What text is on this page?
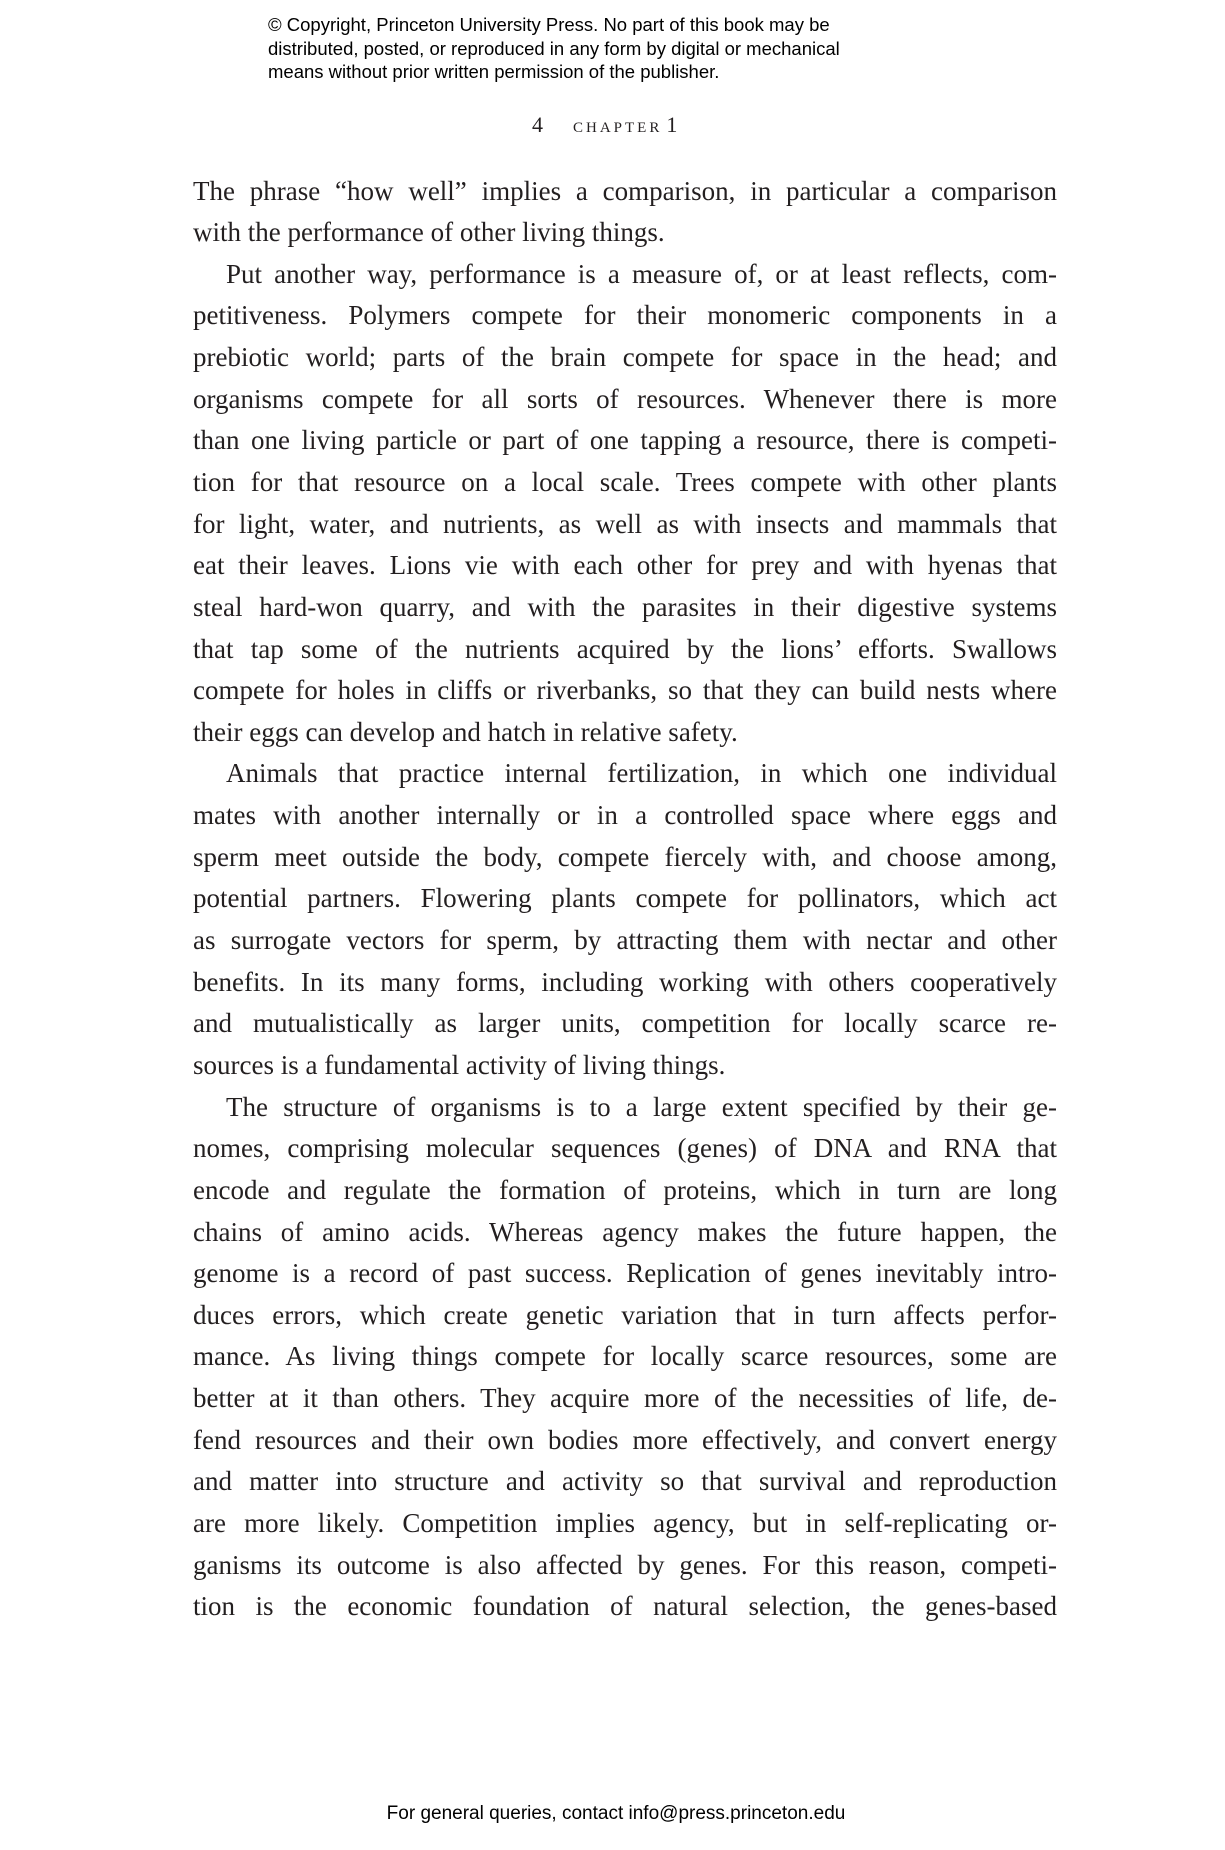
© Copyright, Princeton University Press. No part of this book may be
distributed, posted, or reproduced in any form by digital or mechanical
means without prior written permission of the publisher.
4 chapter 1
The phrase “how well” implies a comparison, in particular a comparison
with the performance of other living things.
Put another way, performance is a measure of, or at least reflects, com-
petitiveness. Polymers compete for their monomeric components in a
prebiotic world; parts of the brain compete for space in the head; and
organisms compete for all sorts of resources. Whenever there is more
than one living particle or part of one tapping a resource, there is competi-
tion for that resource on a local scale. Trees compete with other plants
for light, water, and nutrients, as well as with insects and mammals that
eat their leaves. Lions vie with each other for prey and with hyenas that
steal hard-won quarry, and with the parasites in their digestive systems
that tap some of the nutrients acquired by the lions’ efforts. Swallows
compete for holes in cliffs or riverbanks, so that they can build nests where
their eggs can develop and hatch in relative safety.
Animals that practice internal fertilization, in which one individual
mates with another internally or in a controlled space where eggs and
sperm meet outside the body, compete fiercely with, and choose among,
potential partners. Flowering plants compete for pollinators, which act
as surrogate vectors for sperm, by attracting them with nectar and other
benefits. In its many forms, including working with others cooperatively
and mutualistically as larger units, competition for locally scarce re-
sources is a fundamental activity of living things.
The structure of organisms is to a large extent specified by their ge-
nomes, comprising molecular sequences (genes) of DNA and RNA that
encode and regulate the formation of proteins, which in turn are long
chains of amino acids. Whereas agency makes the future happen, the
genome is a record of past success. Replication of genes inevitably intro-
duces errors, which create genetic variation that in turn affects perfor-
mance. As living things compete for locally scarce resources, some are
better at it than others. They acquire more of the necessities of life, de-
fend resources and their own bodies more effectively, and convert energy
and matter into structure and activity so that survival and reproduction
are more likely. Competition implies agency, but in self-replicating or-
ganisms its outcome is also affected by genes. For this reason, competi-
tion is the economic foundation of natural selection, the genes-based
For general queries, contact info@press.princeton.edu
